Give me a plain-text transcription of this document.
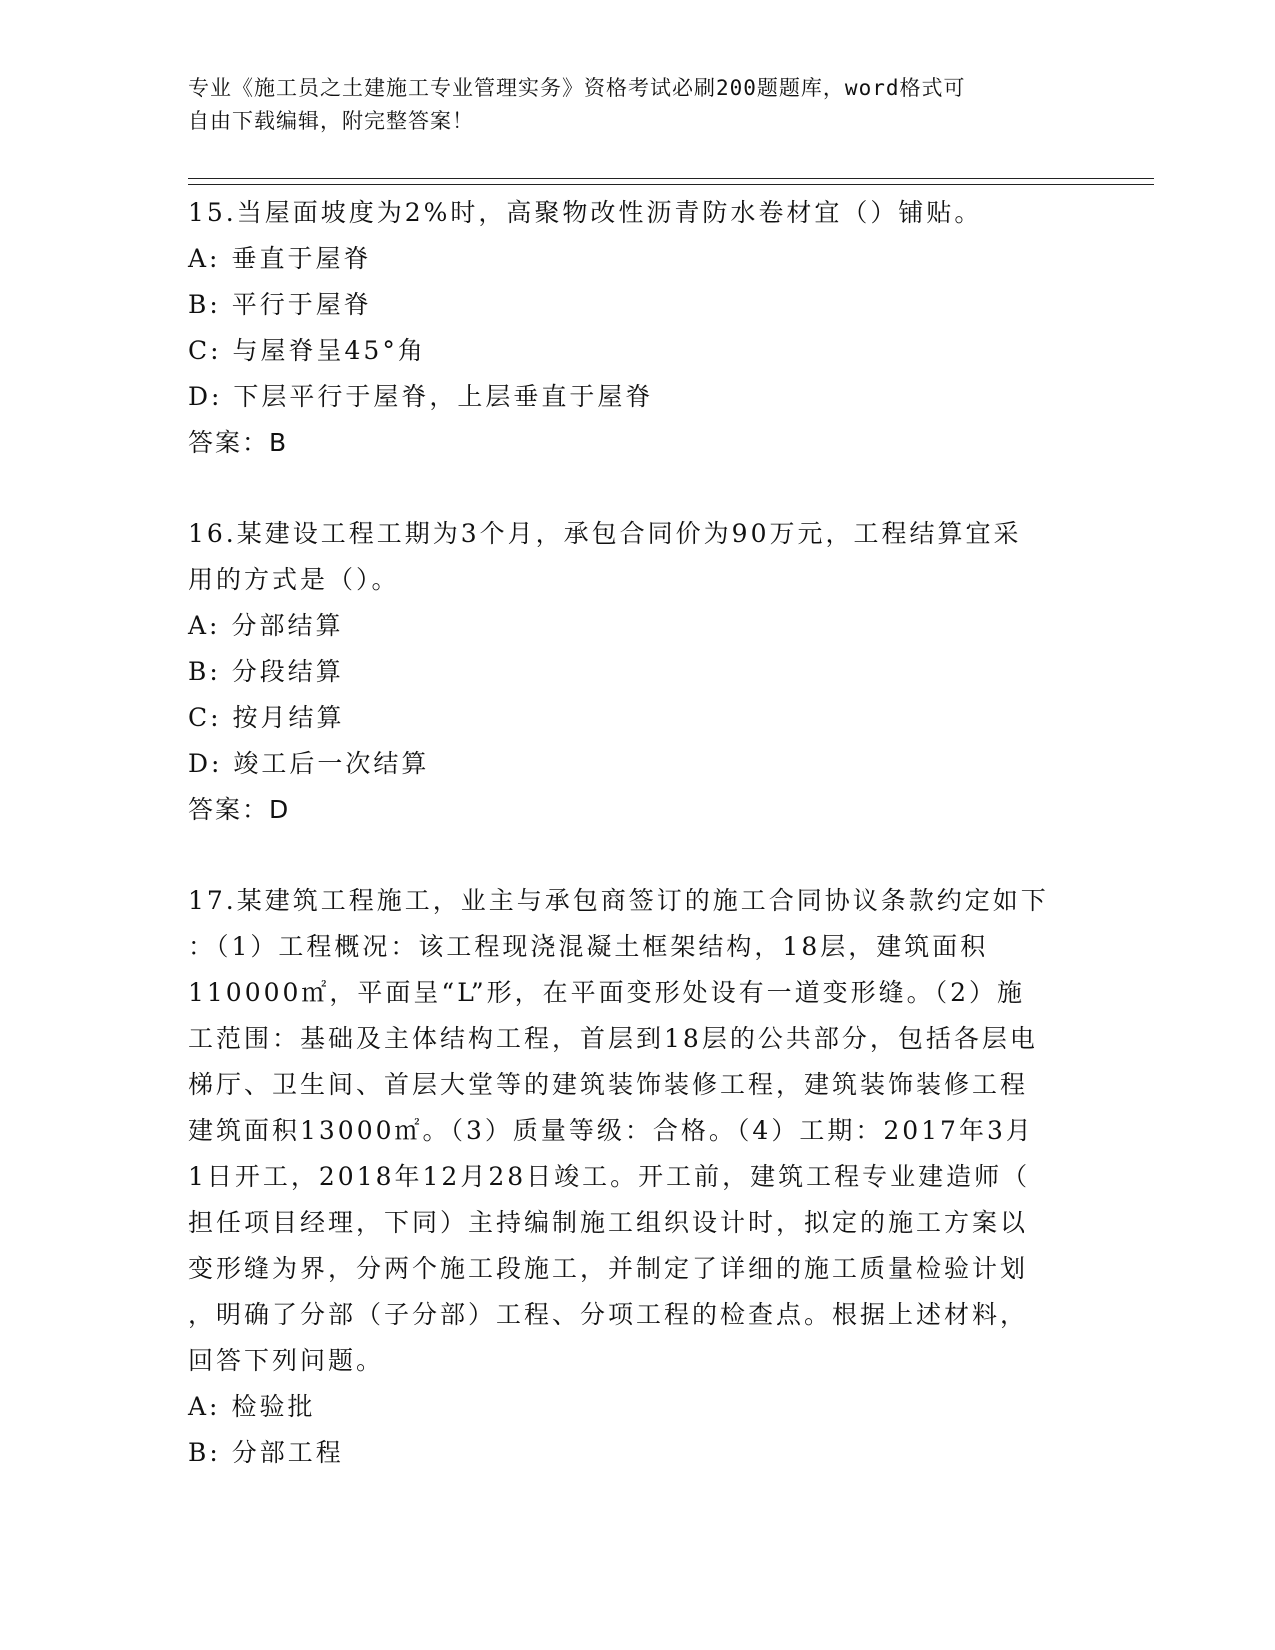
专业《施工员之土建施工专业管理实务》资格考试必刷200题题库，word格式可
自由下载编辑，附完整答案！

15.当屋面坡度为2%时，高聚物改性沥青防水卷材宜（）铺贴。

A: 垂直于屋脊

B: 平行于屋脊

C: 与屋脊呈45°角

D: 下层平行于屋脊，上层垂直于屋脊

答案：B

16.某建设工程工期为3个月，承包合同价为90万元，工程结算宜采

用的方式是（）。

A: 分部结算

B: 分段结算

C: 按月结算

D: 竣工后一次结算

答案：D

17.某建筑工程施工，业主与承包商签订的施工合同协议条款约定如下

：（1）工程概况：该工程现浇混凝土框架结构，18层，建筑面积

110000㎡，平面呈“L”形，在平面变形处设有一道变形缝。（2）施

工范围：基础及主体结构工程，首层到18层的公共部分，包括各层电

梯厅、卫生间、首层大堂等的建筑装饰装修工程，建筑装饰装修工程

建筑面积13000㎡。（3）质量等级：合格。（4）工期：2017年3月

1日开工，2018年12月28日竣工。开工前，建筑工程专业建造师（

担任项目经理，下同）主持编制施工组织设计时，拟定的施工方案以

变形缝为界，分两个施工段施工，并制定了详细的施工质量检验计划

，明确了分部（子分部）工程、分项工程的检查点。根据上述材料，

回答下列问题。

A: 检验批

B: 分部工程
